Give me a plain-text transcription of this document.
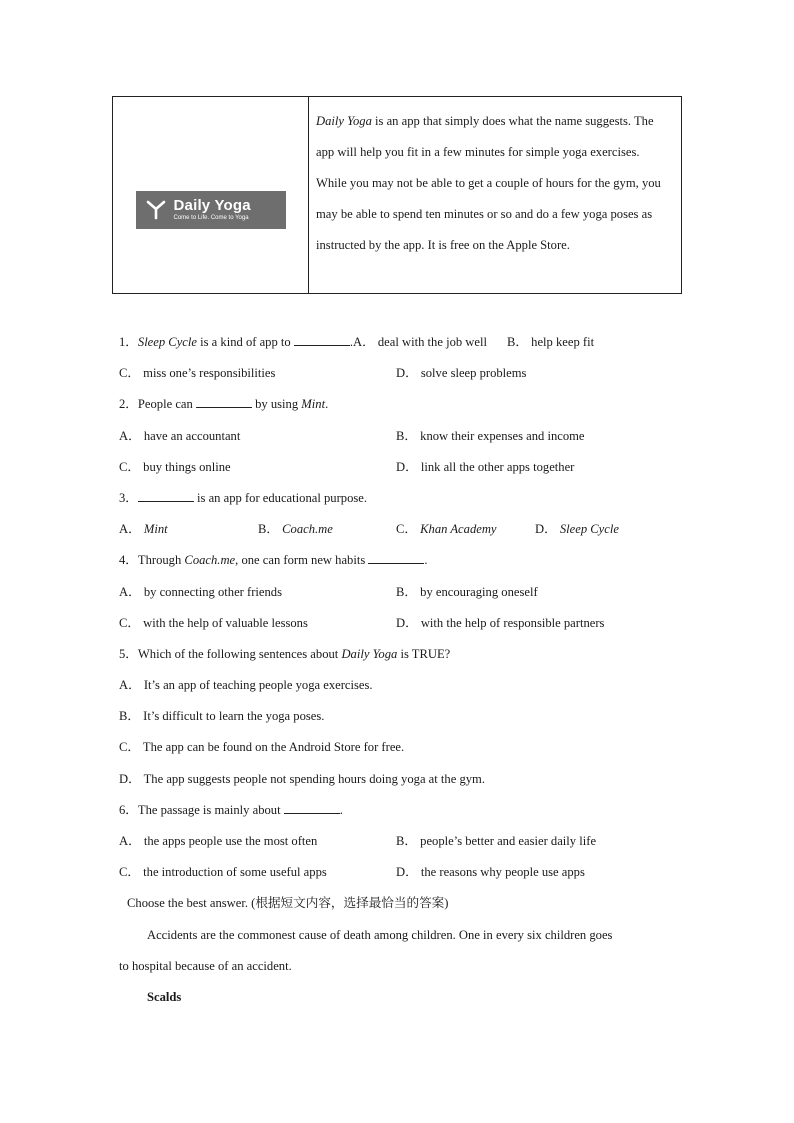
Daily Yoga
Come to Life. Come to Yoga
Daily Yoga is an app that simply does what the name suggests. The app will help you fit in a few minutes for simple yoga exercises. While you may not be able to get a couple of hours for the gym, you may be able to spend ten minutes or so and do a few yoga poses as instructed by the app. It is free on the Apple Store.
1．Sleep Cycle is a kind of app to	.A． deal with the job well B． help keep fit
C． miss one’s responsibilities	D． solve sleep problems
2．People can	by using Mint.
A． have an accountant	B． know their expenses and income
C． buy things online	D． link all the other apps together
3．	is an app for educational purpose.
A． Mint	B． Coach.me	C． Khan Academy	D． Sleep Cycle
4．Through Coach.me, one can form new habits	.
A． by connecting other friends	B． by encouraging oneself
C． with the help of valuable lessons	D． with the help of responsible partners
5．Which of the following sentences about Daily Yoga is TRUE?
A． It’s an app of teaching people yoga exercises.
B． It’s difficult to learn the yoga poses.
C． The app can be found on the Android Store for free.
D． The app suggests people not spending hours doing yoga at the gym.
6．The passage is mainly about	.
A． the apps people use the most often	B． people’s better and easier daily life
C． the introduction of some useful apps	D． the reasons why people use apps
Choose the best answer. (根据短文内容，选择最恰当的答案)
Accidents are the commonest cause of death among children. One in every six children goes
to hospital because of an accident.
Scalds
